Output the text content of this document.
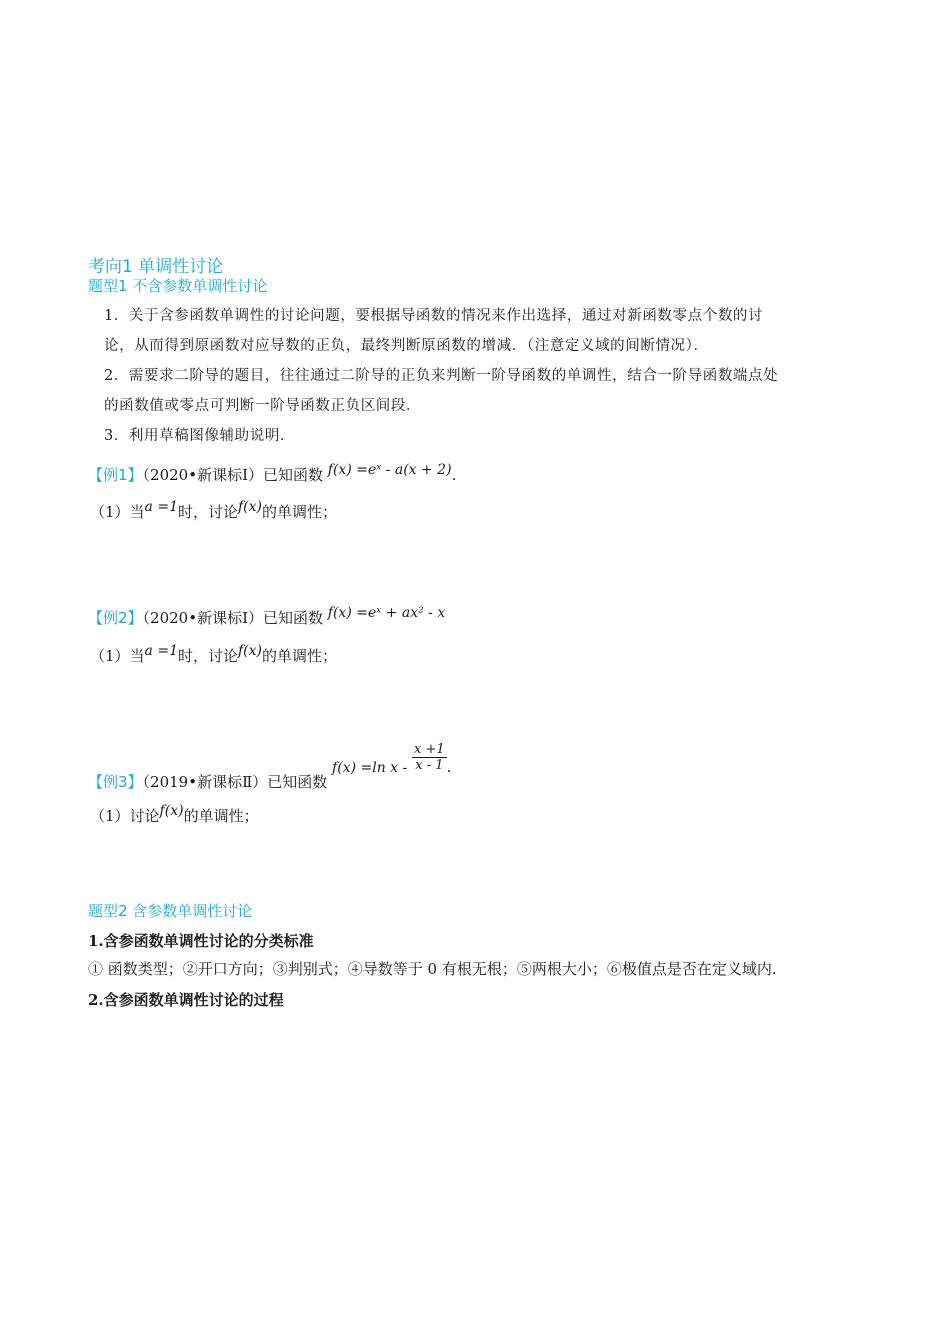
考向1 单调性讨论
题型1 不含参数单调性讨论
1．关于含参函数单调性的讨论问题，要根据导函数的情况来作出选择，通过对新函数零点个数的讨
论，从而得到原函数对应导数的正负，最终判断原函数的增减．（注意定义域的间断情况）．
2．需要求二阶导的题目，往往通过二阶导的正负来判断一阶导函数的单调性，结合一阶导函数端点处
的函数值或零点可判断一阶导函数正负区间段．
3．利用草稿图像辅助说明．
【例1】（2020•新课标Ⅰ）已知函数 f(x) =eˣ - a(x + 2).
（1）当a =1时，讨论f(x)的单调性；
【例2】（2020•新课标Ⅰ）已知函数 f(x) =eˣ + ax² - x
（1）当a =1时，讨论f(x)的单调性；
【例3】（2019•新课标Ⅱ）已知函数 f(x) =ln x - $\frac{x +1}{x - 1}$ .
（1）讨论f(x)的单调性；
题型2 含参数单调性讨论
1.含参函数单调性讨论的分类标准
① 函数类型；②开口方向；③判别式；④导数等于 0 有根无根；⑤两根大小；⑥极值点是否在定义域内.
2.含参函数单调性讨论的过程
